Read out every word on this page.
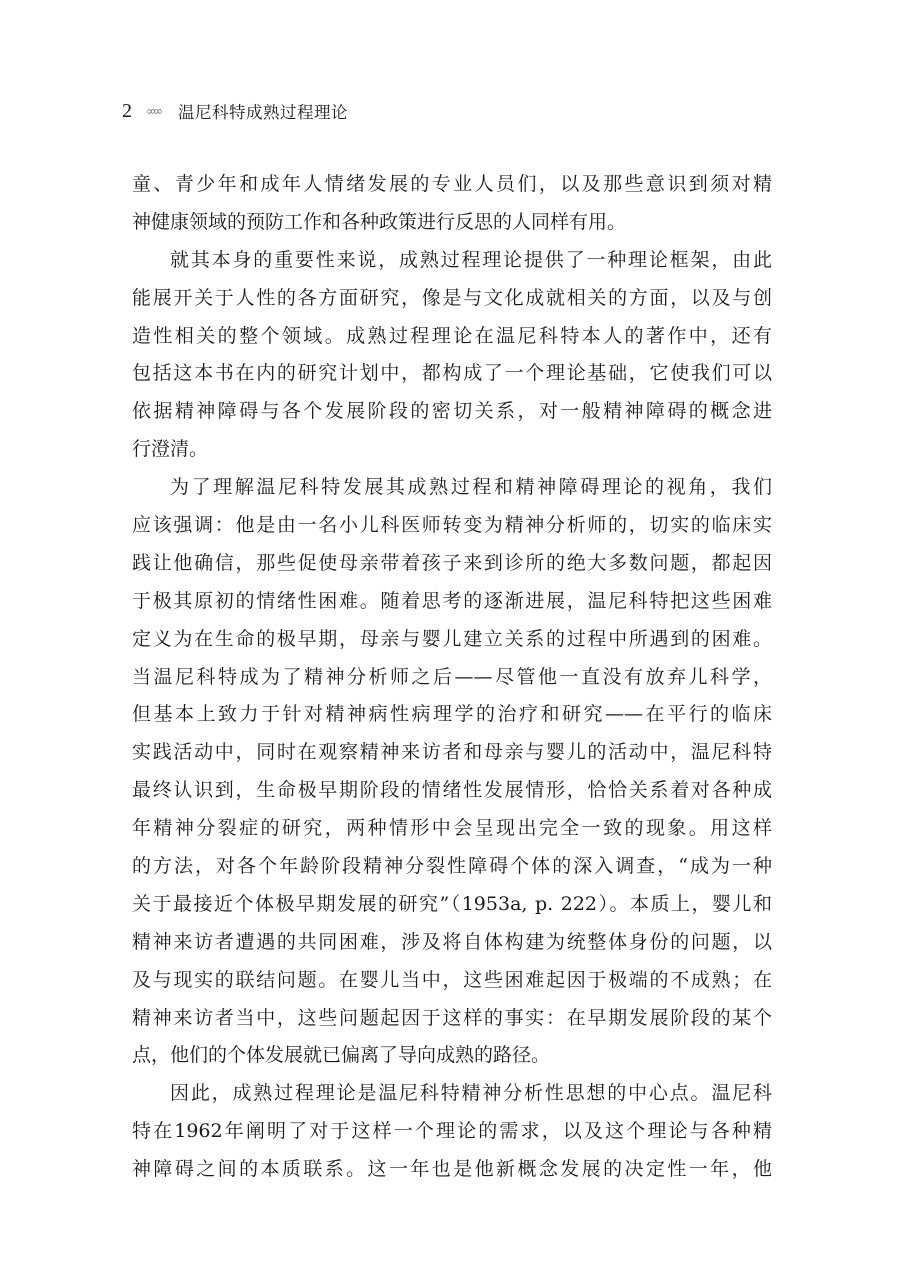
2 ∞∞ 温尼科特成熟过程理论
童、青少年和成年人情绪发展的专业人员们，以及那些意识到须对精
神健康领域的预防工作和各种政策进行反思的人同样有用。
就其本身的重要性来说，成熟过程理论提供了一种理论框架，由此
能展开关于人性的各方面研究，像是与文化成就相关的方面，以及与创
造性相关的整个领域。成熟过程理论在温尼科特本人的著作中，还有
包括这本书在内的研究计划中，都构成了一个理论基础，它使我们可以
依据精神障碍与各个发展阶段的密切关系，对一般精神障碍的概念进
行澄清。
为了理解温尼科特发展其成熟过程和精神障碍理论的视角，我们
应该强调：他是由一名小儿科医师转变为精神分析师的，切实的临床实
践让他确信，那些促使母亲带着孩子来到诊所的绝大多数问题，都起因
于极其原初的情绪性困难。随着思考的逐渐进展，温尼科特把这些困难
定义为在生命的极早期，母亲与婴儿建立关系的过程中所遇到的困难。
当温尼科特成为了精神分析师之后——尽管他一直没有放弃儿科学，
但基本上致力于针对精神病性病理学的治疗和研究——在平行的临床
实践活动中，同时在观察精神来访者和母亲与婴儿的活动中，温尼科特
最终认识到，生命极早期阶段的情绪性发展情形，恰恰关系着对各种成
年精神分裂症的研究，两种情形中会呈现出完全一致的现象。用这样
的方法，对各个年龄阶段精神分裂性障碍个体的深入调查，“成为一种
关于最接近个体极早期发展的研究”（1953a, p. 222）。本质上，婴儿和
精神来访者遭遇的共同困难，涉及将自体构建为统整体身份的问题，以
及与现实的联结问题。在婴儿当中，这些困难起因于极端的不成熟；在
精神来访者当中，这些问题起因于这样的事实：在早期发展阶段的某个
点，他们的个体发展就已偏离了导向成熟的路径。
因此，成熟过程理论是温尼科特精神分析性思想的中心点。温尼科
特在1962年阐明了对于这样一个理论的需求，以及这个理论与各种精
神障碍之间的本质联系。这一年也是他新概念发展的决定性一年，他
